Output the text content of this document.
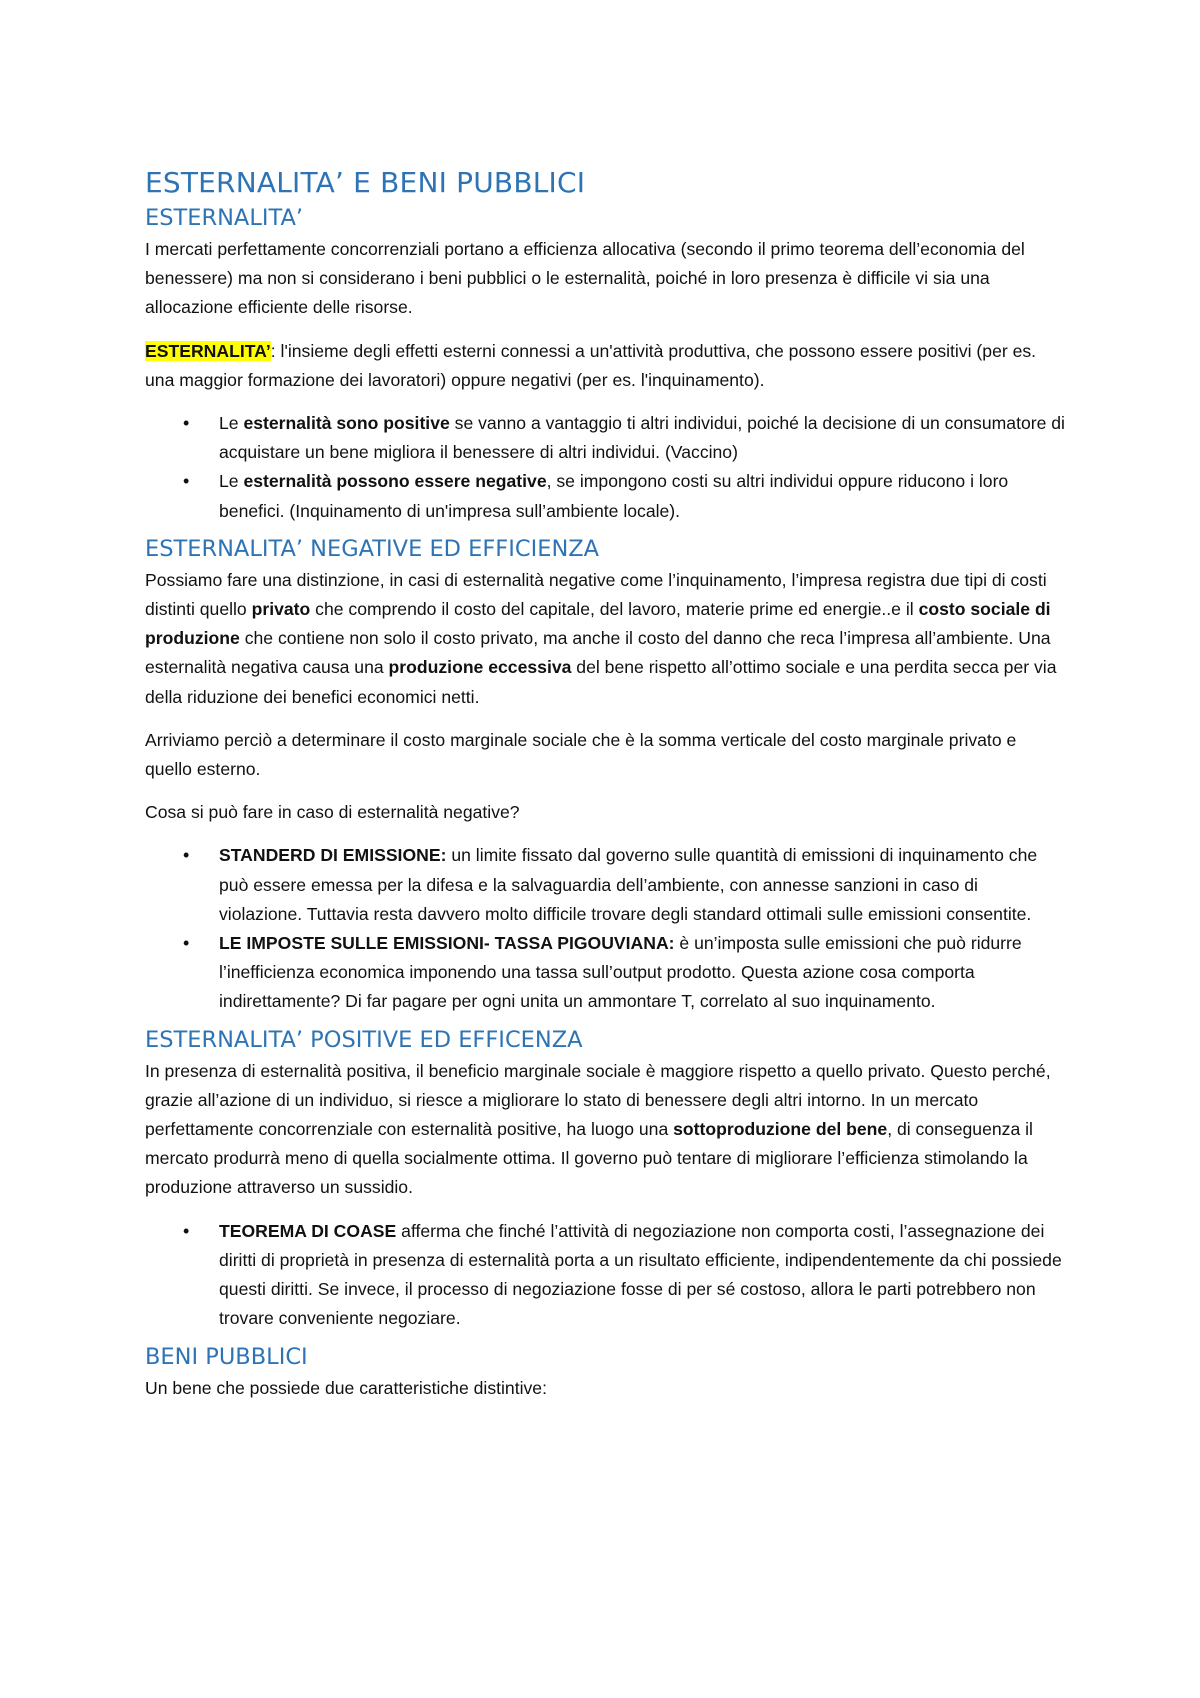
ESTERNALITA’ E BENI PUBBLICI
ESTERNALITA’

I mercati perfettamente concorrenziali portano a efficienza allocativa (secondo il primo teorema dell’economia del benessere) ma non si considerano i beni pubblici o le esternalità, poiché in loro presenza è difficile vi sia una allocazione efficiente delle risorse.

ESTERNALITA’: l'insieme degli effetti esterni connessi a un'attività produttiva, che possono essere positivi (per es. una maggior formazione dei lavoratori) oppure negativi (per es. l'inquinamento).

• Le esternalità sono positive se vanno a vantaggio ti altri individui, poiché la decisione di un consumatore di acquistare un bene migliora il benessere di altri individui. (Vaccino)
• Le esternalità possono essere negative, se impongono costi su altri individui oppure riducono i loro benefici. (Inquinamento di un'impresa sull’ambiente locale).
ESTERNALITA’ NEGATIVE ED EFFICIENZA

Possiamo fare una distinzione, in casi di esternalità negative come l’inquinamento, l’impresa registra due tipi di costi distinti quello privato che comprendo il costo del capitale, del lavoro, materie prime ed energie..e il costo sociale di produzione che contiene non solo il costo privato, ma anche il costo del danno che reca l’impresa all’ambiente. Una esternalità negativa causa una produzione eccessiva del bene rispetto all’ottimo sociale e una perdita secca per via della riduzione dei benefici economici netti.

Arriviamo perciò a determinare il costo marginale sociale che è la somma verticale del costo marginale privato e quello esterno.

Cosa si può fare in caso di esternalità negative?

• STANDERD DI EMISSIONE: un limite fissato dal governo sulle quantità di emissioni di inquinamento che può essere emessa per la difesa e la salvaguardia dell’ambiente, con annesse sanzioni in caso di violazione. Tuttavia resta davvero molto difficile trovare degli standard ottimali sulle emissioni consentite.
• LE IMPOSTE SULLE EMISSIONI- TASSA PIGOUVIANA: è un’imposta sulle emissioni che può ridurre l’inefficienza economica imponendo una tassa sull’output prodotto. Questa azione cosa comporta indirettamente? Di far pagare per ogni unita un ammontare T, correlato al suo inquinamento.
ESTERNALITA’ POSITIVE ED EFFICENZA

In presenza di esternalità positiva, il beneficio marginale sociale è maggiore rispetto a quello privato. Questo perché, grazie all’azione di un individuo, si riesce a migliorare lo stato di benessere degli altri intorno. In un mercato perfettamente concorrenziale con esternalità positive, ha luogo una sottoproduzione del bene, di conseguenza il mercato produrrà meno di quella socialmente ottima. Il governo può tentare di migliorare l’efficienza stimolando la produzione attraverso un sussidio.

• TEOREMA DI COASE afferma che finché l’attività di negoziazione non comporta costi, l’assegnazione dei diritti di proprietà in presenza di esternalità porta a un risultato efficiente, indipendentemente da chi possiede questi diritti. Se invece, il processo di negoziazione fosse di per sé costoso, allora le parti potrebbero non trovare conveniente negoziare.
BENI PUBBLICI

Un bene che possiede due caratteristiche distintive:
